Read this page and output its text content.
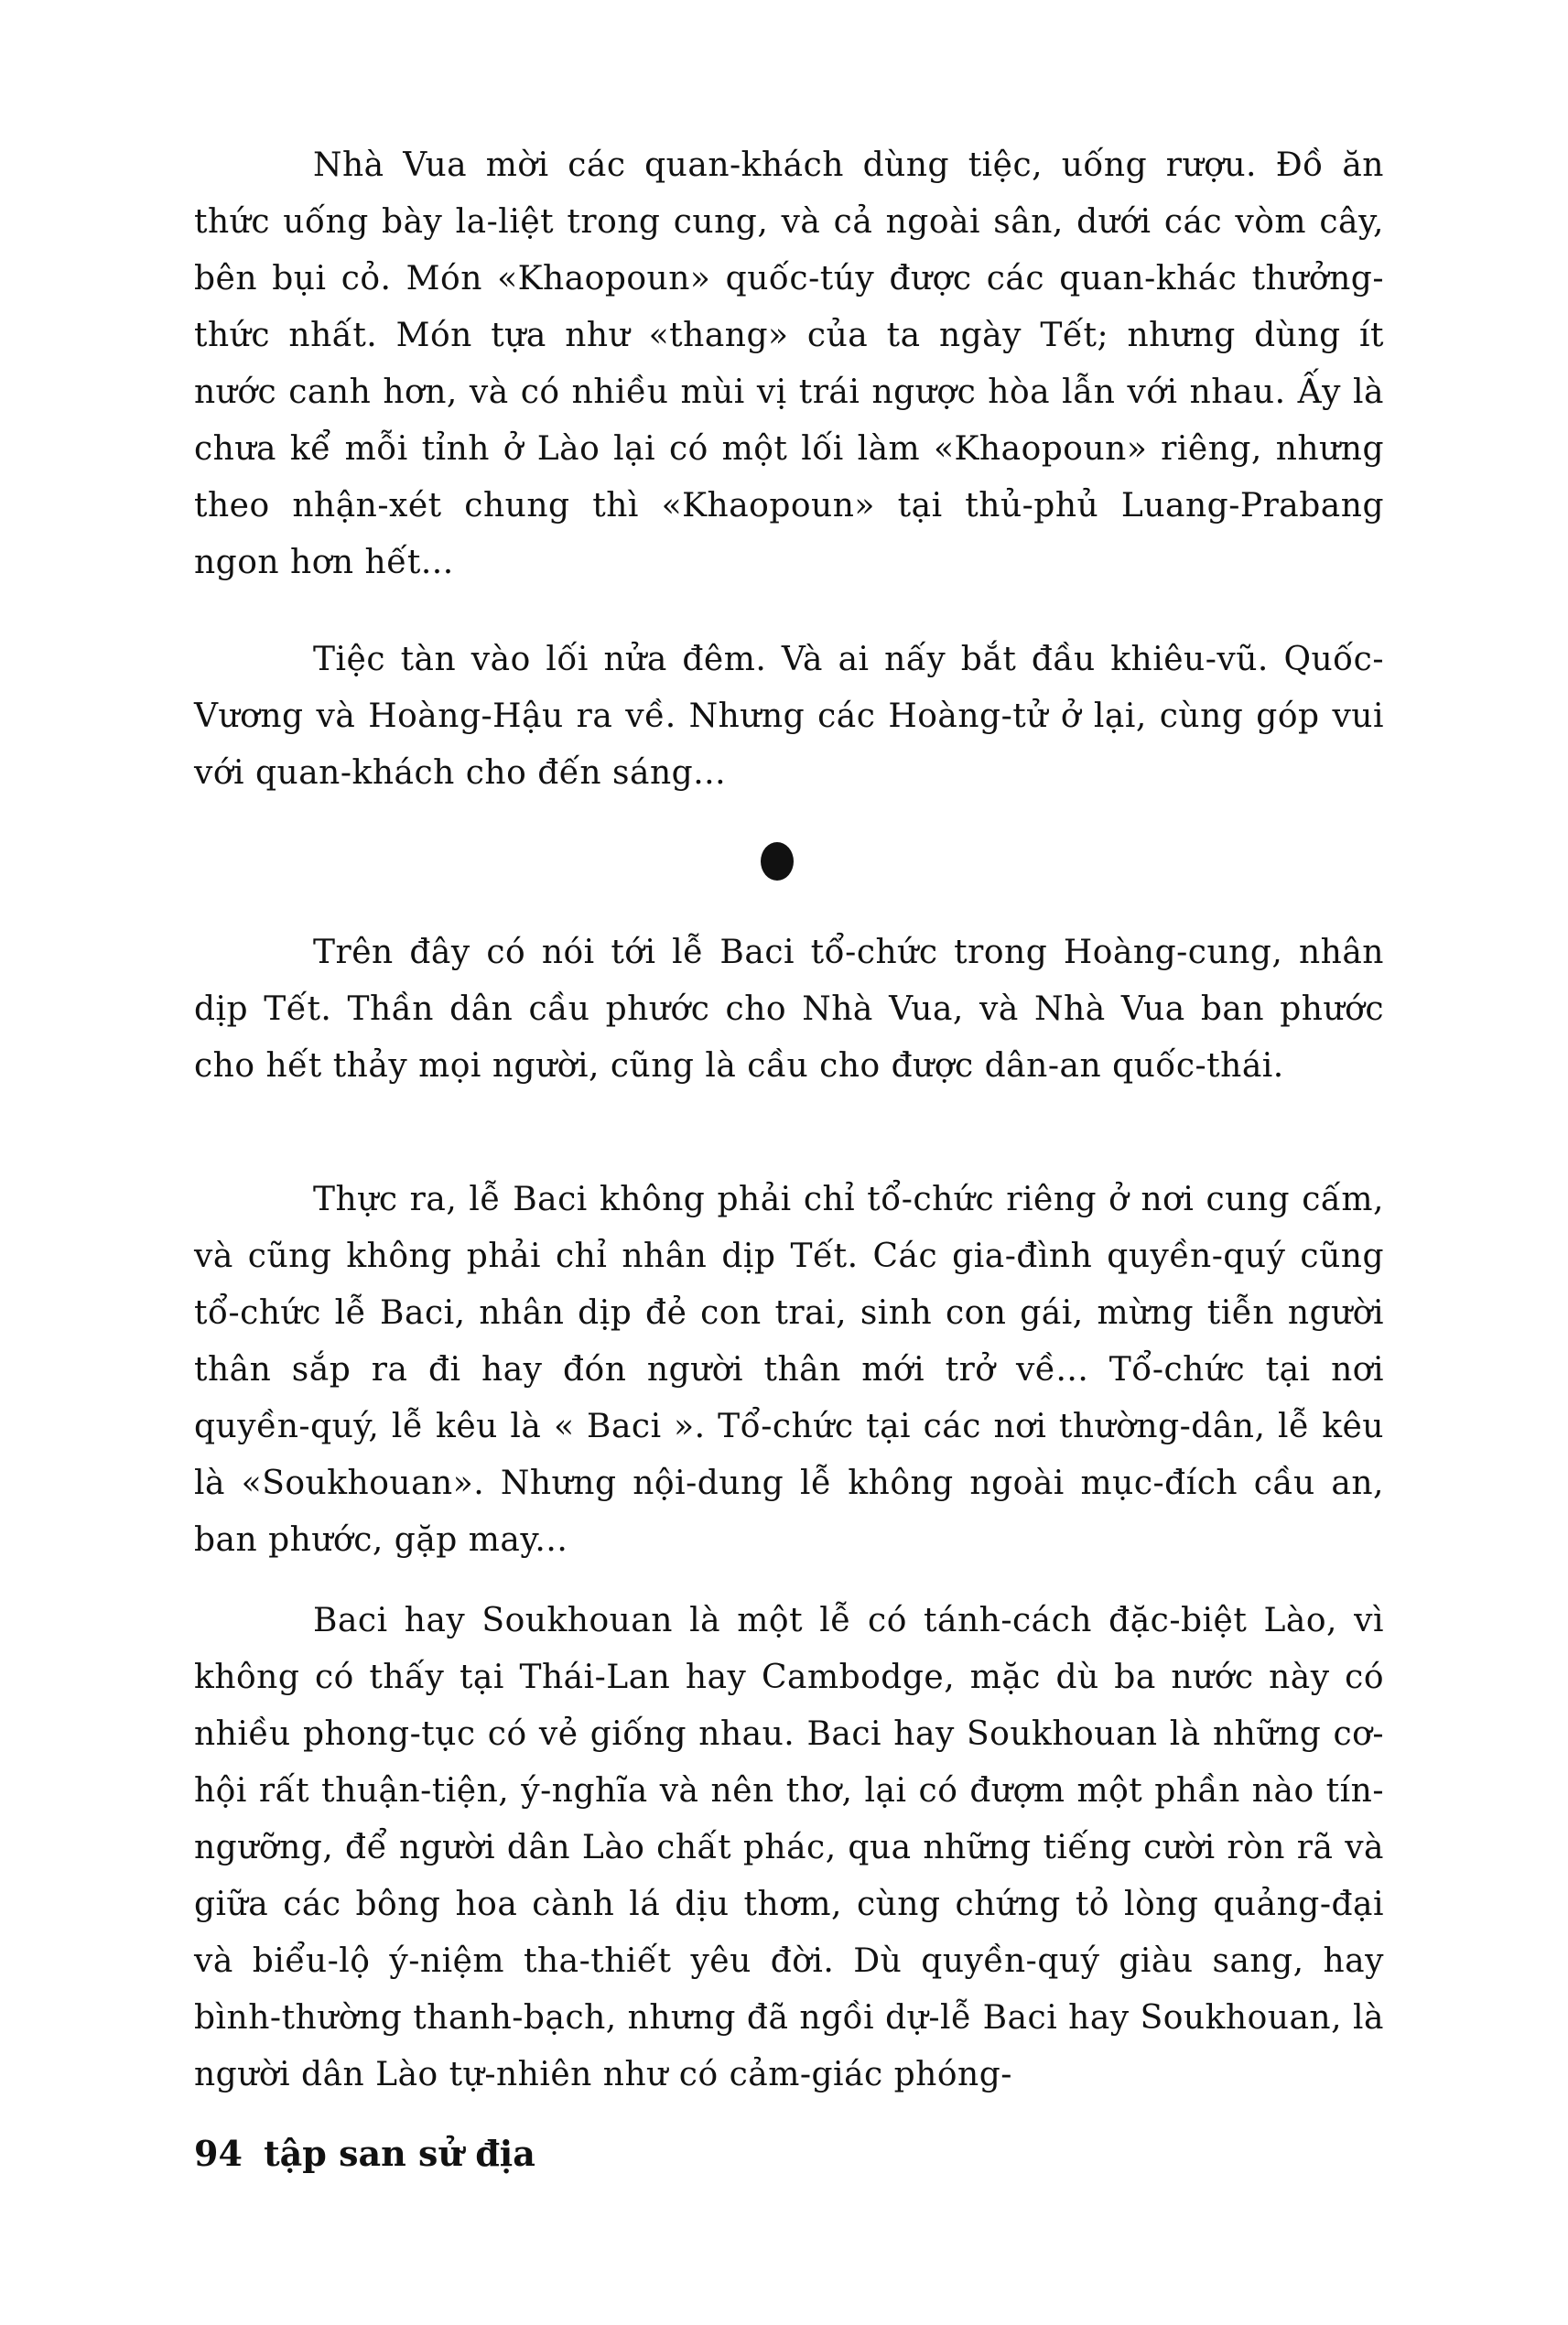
Nhà Vua mời các quan-khách dùng tiệc, uống rượu. Đồ ăn thức uống bày la-liệt trong cung, và cả ngoài sân, dưới các vòm cây, bên bụi cỏ. Món «Khaopoun» quốc-túy được các quan-khác thưởng-thức nhất. Món tựa như «thang» của ta ngày Tết; nhưng dùng ít nước canh hơn, và có nhiều mùi vị trái ngược hòa lẫn với nhau. Ấy là chưa kể mỗi tỉnh ở Lào lại có một lối làm «Khaopoun» riêng, nhưng theo nhận-xét chung thì «Khaopoun» tại thủ-phủ Luang-Prabang ngon hơn hết...

Tiệc tàn vào lối nửa đêm. Và ai nấy bắt đầu khiêu-vũ. Quốc-Vương và Hoàng-Hậu ra về. Nhưng các Hoàng-tử ở lại, cùng góp vui với quan-khách cho đến sáng...

Trên đây có nói tới lễ Baci tổ-chức trong Hoàng-cung, nhân dịp Tết. Thần dân cầu phước cho Nhà Vua, và Nhà Vua ban phước cho hết thảy mọi người, cũng là cầu cho được dân-an quốc-thái.

Thực ra, lễ Baci không phải chỉ tổ-chức riêng ở nơi cung cấm, và cũng không phải chỉ nhân dịp Tết. Các gia-đình quyền-quý cũng tổ-chức lễ Baci, nhân dịp đẻ con trai, sinh con gái, mừng tiễn người thân sắp ra đi hay đón người thân mới trở về... Tổ-chức tại nơi quyền-quý, lễ kêu là « Baci ». Tổ-chức tại các nơi thường-dân, lễ kêu là «Soukhouan». Nhưng nội-dung lễ không ngoài mục-đích cầu an, ban phước, gặp may...

Baci hay Soukhouan là một lễ có tánh-cách đặc-biệt Lào, vì không có thấy tại Thái-Lan hay Cambodge, mặc dù ba nước này có nhiều phong-tục có vẻ giống nhau. Baci hay Soukhouan là những cơ-hội rất thuận-tiện, ý-nghĩa và nên thơ, lại có đượm một phần nào tín-ngưỡng, để người dân Lào chất phác, qua những tiếng cười ròn rã và giữa các bông hoa cành lá dịu thơm, cùng chứng tỏ lòng quảng-đại và biểu-lộ ý-niệm tha-thiết yêu đời. Dù quyền-quý giàu sang, hay bình-thường thanh-bạch, nhưng đã ngồi dự-lễ Baci hay Soukhouan, là người dân Lào tự-nhiên như có cảm-giác phóng-

94 tập san sử địa
